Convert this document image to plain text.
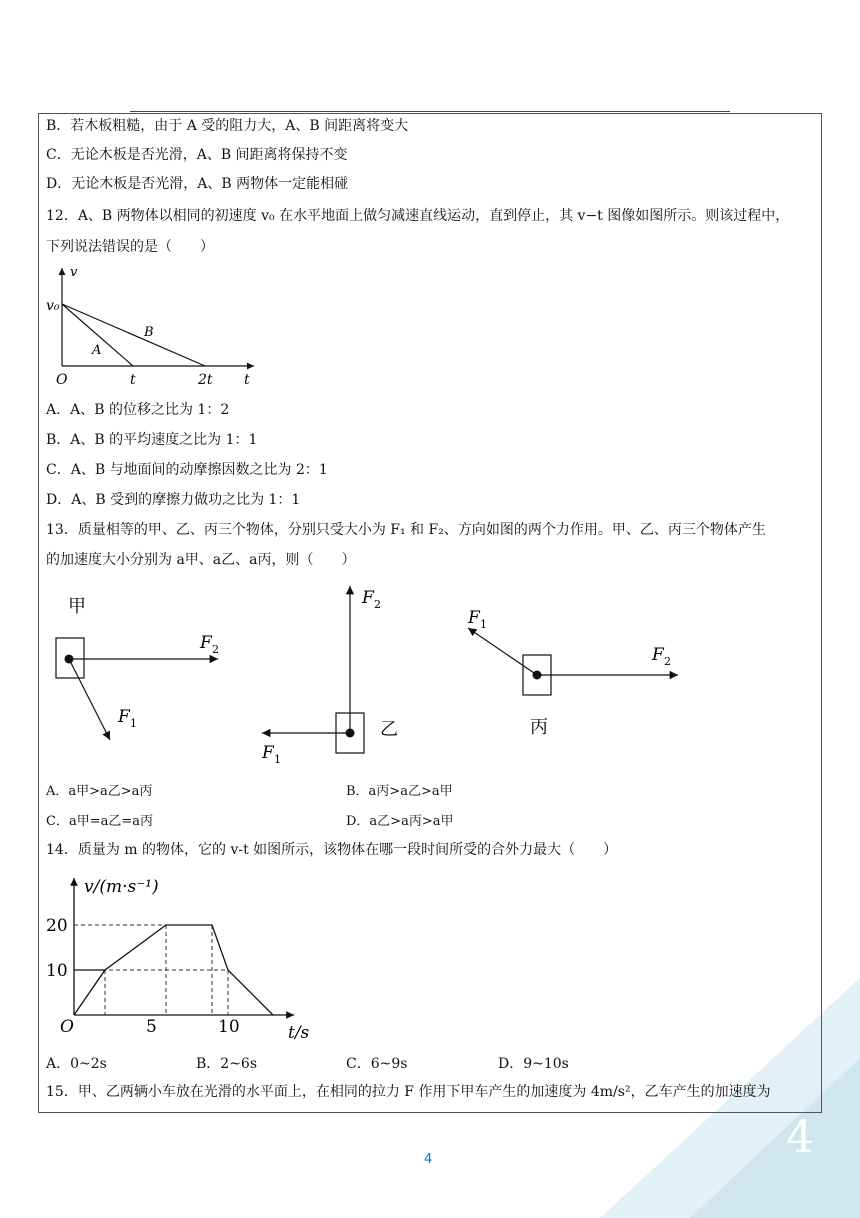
B．若木板粗糙，由于 A 受的阻力大，A、B 间距离将变大
C．无论木板是否光滑，A、B 间距离将保持不变
D．无论木板是否光滑，A、B 两物体一定能相碰
12．A、B 两物体以相同的初速度 v₀ 在水平地面上做匀减速直线运动，直到停止，其 v−t 图像如图所示。则该过程中，
下列说法错误的是（　　）
v
v₀
O	t	2t t
A
B
A．A、B 的位移之比为 1：2
B．A、B 的平均速度之比为 1：1
C．A、B 与地面间的动摩擦因数之比为 2：1
D．A、B 受到的摩擦力做功之比为 1：1
13．质量相等的甲、乙、丙三个物体，分别只受大小为 F₁ 和 F₂、方向如图的两个力作用。甲、乙、丙三个物体产生
的加速度大小分别为 a甲、a乙、a丙，则（　　）
甲
F 2
F 1
F 2
F 1
乙
F 2
F 1
丙
A．a甲>a乙>a丙	B．a丙>a乙>a甲
C．a甲=a乙=a丙	D．a乙>a丙>a甲
14．质量为 m 的物体，它的 v-t 如图所示，该物体在哪一段时间所受的合外力最大（　　）
20
10
v/(m·s⁻¹)
O	5	10	t/s
A．0~2s	B．2~6s	C．6~9s	D．9~10s
15．甲、乙两辆小车放在光滑的水平面上，在相同的拉力 F 作用下甲车产生的加速度为 4m/s²，乙车产生的加速度为
4	4
